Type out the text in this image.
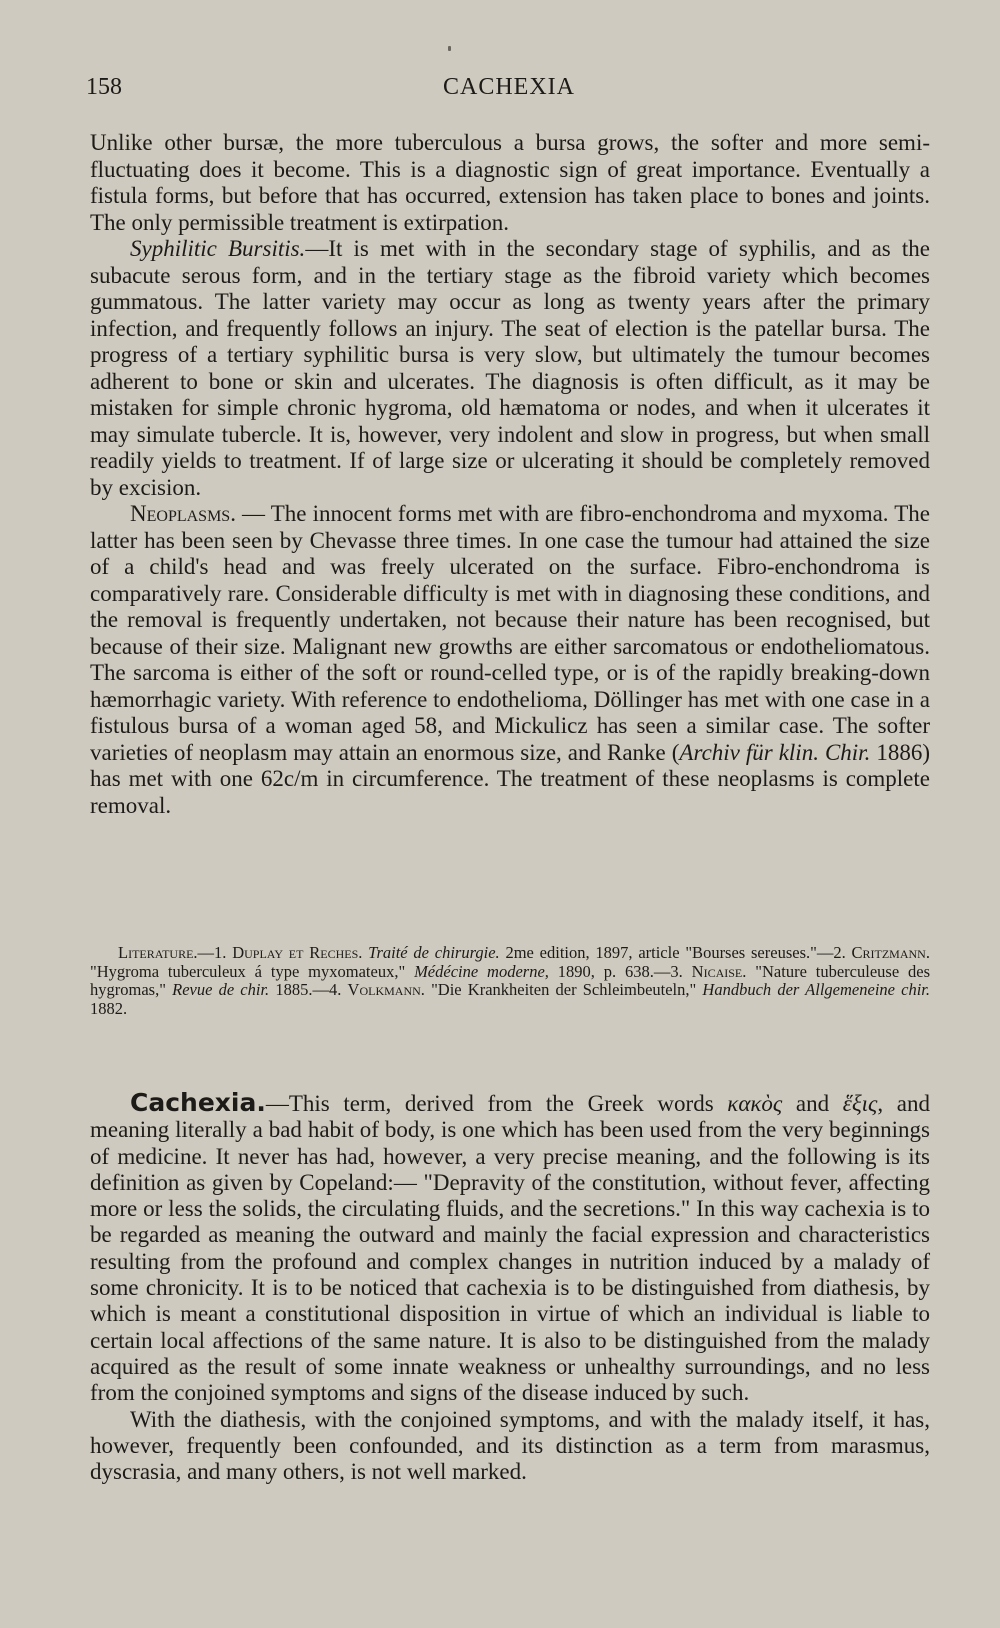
158	CACHEXIA

Unlike other bursæ, the more tuberculous a bursa grows, the softer and more semi-fluctuating does it become. This is a diagnostic sign of great importance. Eventually a fistula forms, but before that has occurred, extension has taken place to bones and joints. The only permissible treatment is extirpation.

Syphilitic Bursitis.—It is met with in the secondary stage of syphilis, and as the subacute serous form, and in the tertiary stage as the fibroid variety which becomes gummatous. The latter variety may occur as long as twenty years after the primary infection, and frequently follows an injury. The seat of election is the patellar bursa. The progress of a tertiary syphilitic bursa is very slow, but ultimately the tumour becomes adherent to bone or skin and ulcerates. The diagnosis is often difficult, as it may be mistaken for simple chronic hygroma, old hæmatoma or nodes, and when it ulcerates it may simulate tubercle. It is, however, very indolent and slow in progress, but when small readily yields to treatment. If of large size or ulcerating it should be completely removed by excision.

Neoplasms. — The innocent forms met with are fibro-enchondroma and myxoma. The latter has been seen by Chevasse three times. In one case the tumour had attained the size of a child's head and was freely ulcerated on the surface. Fibro-enchondroma is comparatively rare. Considerable difficulty is met with in diagnosing these conditions, and the removal is frequently undertaken, not because their nature has been recognised, but because of their size. Malignant new growths are either sarcomatous or endotheliomatous. The sarcoma is either of the soft or round-celled type, or is of the rapidly breaking-down hæmorrhagic variety. With reference to endothelioma, Döllinger has met with one case in a fistulous bursa of a woman aged 58, and Mickulicz has seen a similar case. The softer varieties of neoplasm may attain an enormous size, and Ranke (Archiv für klin. Chir. 1886) has met with one 62c/m in circumference. The treatment of these neoplasms is complete removal.

Literature.—1. Duplay et Reches. Traité de chirurgie. 2me edition, 1897, article "Bourses sereuses."—2. Critzmann. "Hygroma tuberculeux á type myxomateux," Médécine moderne, 1890, p. 638.—3. Nicaise. "Nature tuberculeuse des hygromas," Revue de chir. 1885.—4. Volkmann. "Die Krankheiten der Schleimbeuteln," Handbuch der Allgemeneine chir. 1882.

Cachexia.—This term, derived from the Greek words κακὸς and ἕξις, and meaning literally a bad habit of body, is one which has been used from the very beginnings of medicine. It never has had, however, a very precise meaning, and the following is its definition as given by Copeland:— "Depravity of the constitution, without fever, affecting more or less the solids, the circulating fluids, and the secretions." In this way cachexia is to be regarded as meaning the outward and mainly the facial expression and characteristics resulting from the profound and complex changes in nutrition induced by a malady of some chronicity. It is to be noticed that cachexia is to be distinguished from diathesis, by which is meant a constitutional disposition in virtue of which an individual is liable to certain local affections of the same nature. It is also to be distinguished from the malady acquired as the result of some innate weakness or unhealthy surroundings, and no less from the conjoined symptoms and signs of the disease induced by such.

With the diathesis, with the conjoined symptoms, and with the malady itself, it has, however, frequently been confounded, and its distinction as a term from marasmus, dyscrasia, and many others, is not well marked.
